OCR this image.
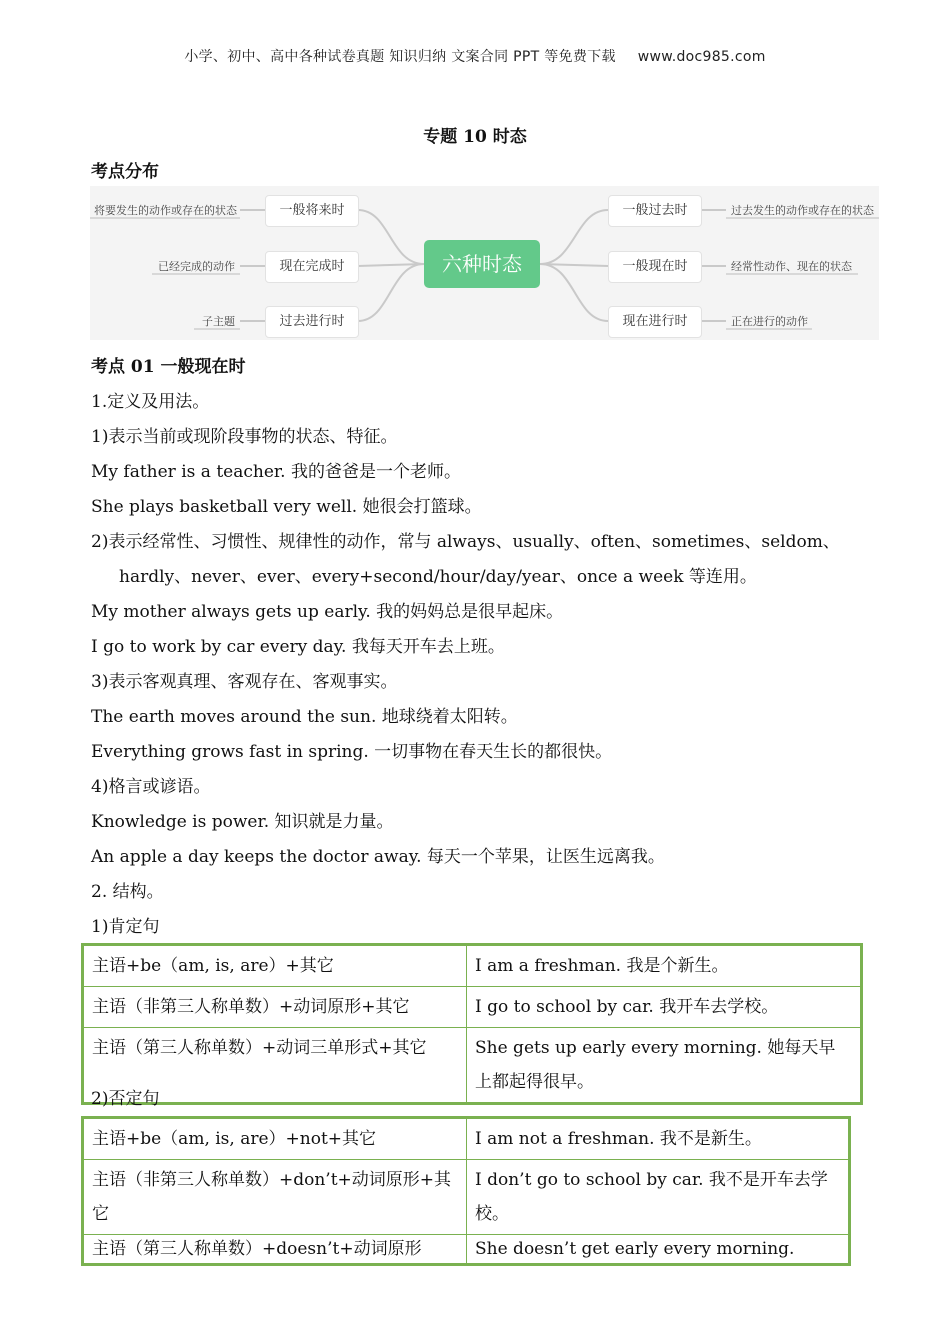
小学、初中、高中各种试卷真题 知识归纳 文案合同 PPT 等免费下载 www.doc985.com
专题 10 时态
考点分布
六种时态
一般将来时
现在完成时
过去进行时
一般过去时
一般现在时
现在进行时
将要发生的动作或存在的状态
已经完成的动作
子主题
过去发生的动作或存在的状态
经常性动作、现在的状态
正在进行的动作
考点 01 一般现在时
1.定义及用法。
1)表示当前或现阶段事物的状态、特征。
My father is a teacher. 我的爸爸是一个老师。
She plays basketball very well. 她很会打篮球。
2)表示经常性、习惯性、规律性的动作，常与 always、usually、often、sometimes、seldom、
hardly、never、ever、every+second/hour/day/year、once a week 等连用。
My mother always gets up early. 我的妈妈总是很早起床。
I go to work by car every day. 我每天开车去上班。
3)表示客观真理、客观存在、客观事实。
The earth moves around the sun. 地球绕着太阳转。
Everything grows fast in spring. 一切事物在春天生长的都很快。
4)格言或谚语。
Knowledge is power. 知识就是力量。
An apple a day keeps the doctor away. 每天一个苹果，让医生远离我。
2. 结构。
1)肯定句
主语+be（am, is, are）+其它	I am a freshman. 我是个新生。
主语（非第三人称单数）+动词原形+其它	I go to school by car. 我开车去学校。
主语（第三人称单数）+动词三单形式+其它	She gets up early every morning. 她每天早上都起得很早。
2)否定句
主语+be（am, is, are）+not+其它	I am not a freshman. 我不是新生。
主语（非第三人称单数）+don’t+动词原形+其它	I don’t go to school by car. 我不是开车去学校。
主语（第三人称单数）+doesn’t+动词原形	She doesn’t get early every morning.
